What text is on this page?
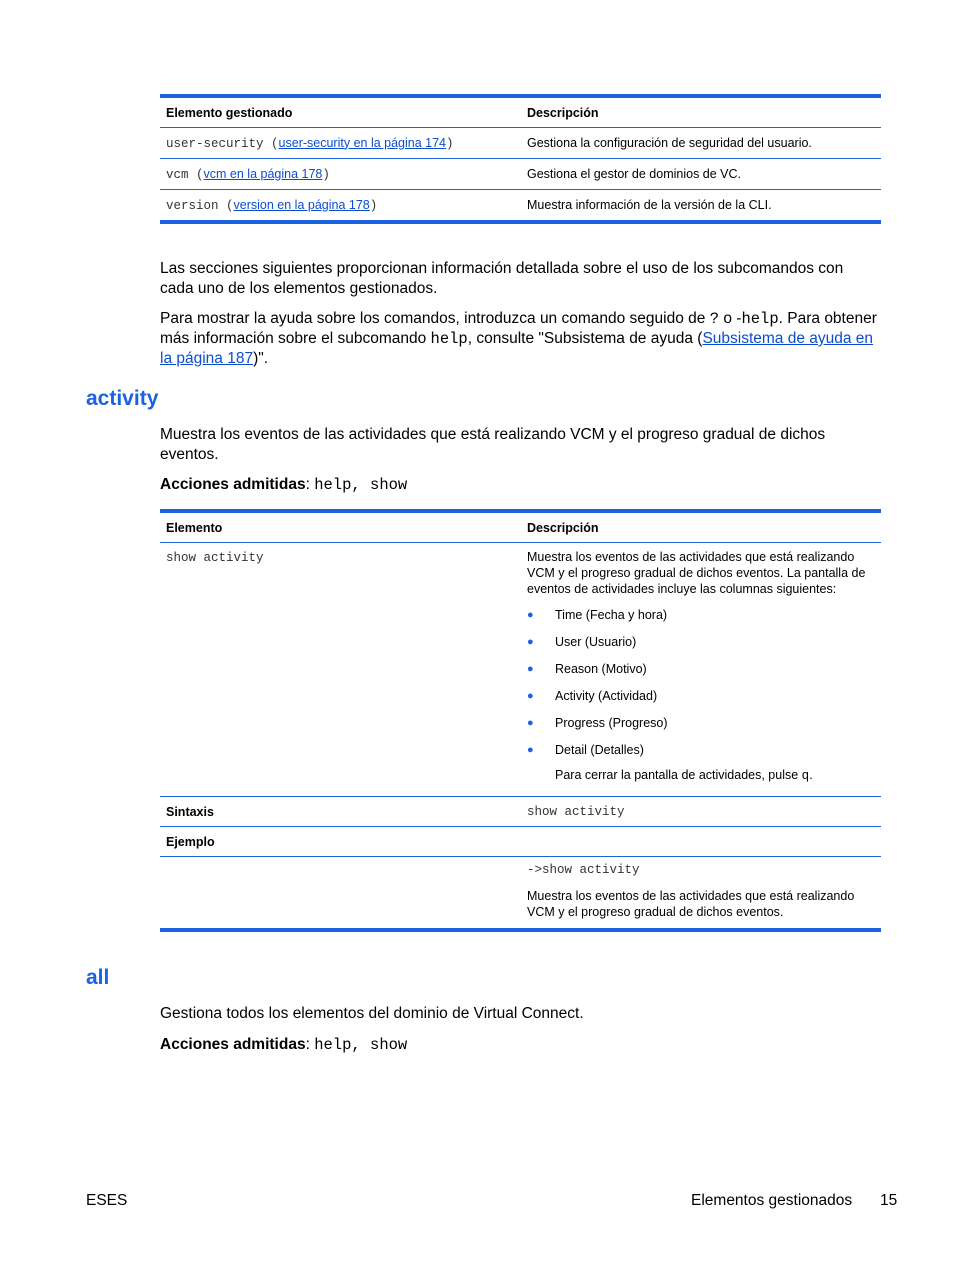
Elemento gestionado	Descripción
user-security (user-security en la página 174)	Gestiona la configuración de seguridad del usuario.
vcm (vcm en la página 178)	Gestiona el gestor de dominios de VC.
version (version en la página 178)	Muestra información de la versión de la CLI.
Las secciones siguientes proporcionan información detallada sobre el uso de los subcomandos con cada uno de los elementos gestionados.
Para mostrar la ayuda sobre los comandos, introduzca un comando seguido de ? o -help. Para obtener más información sobre el subcomando help, consulte "Subsistema de ayuda (Subsistema de ayuda en la página 187)".
activity
Muestra los eventos de las actividades que está realizando VCM y el progreso gradual de dichos eventos.
Acciones admitidas: help, show
Elemento	Descripción
show activity	Muestra los eventos de las actividades que está realizando VCM y el progreso gradual de dichos eventos. La pantalla de eventos de actividades incluye las columnas siguientes:
●	Time (Fecha y hora)
●	User (Usuario)
●	Reason (Motivo)
●	Activity (Actividad)
●	Progress (Progreso)
●	Detail (Detalles)
Para cerrar la pantalla de actividades, pulse q.
Sintaxis	show activity
Ejemplo
->show activity
Muestra los eventos de las actividades que está realizando VCM y el progreso gradual de dichos eventos.
all
Gestiona todos los elementos del dominio de Virtual Connect.
Acciones admitidas: help, show
ESES	Elementos gestionados 15
